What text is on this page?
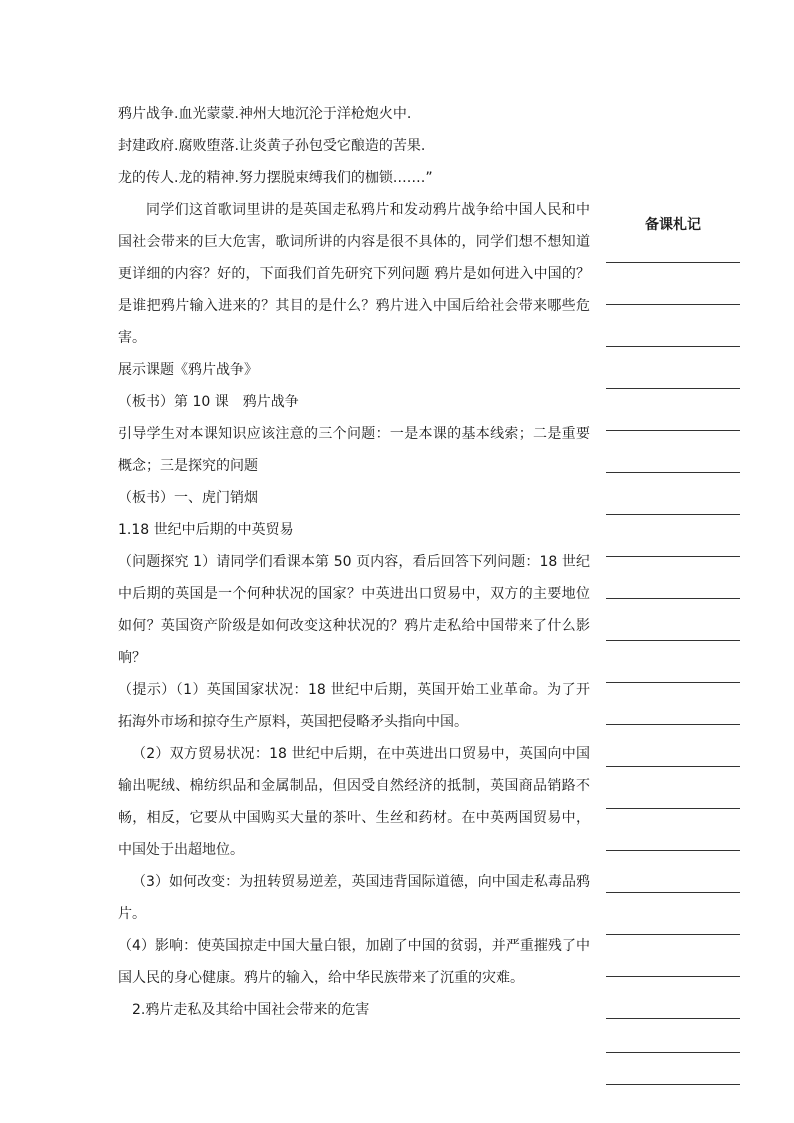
鸦片战争.血光蒙蒙.神州大地沉沦于洋枪炮火中.
封建政府.腐败堕落.让炎黄子孙包受它酿造的苦果.
龙的传人.龙的精神.努力摆脱束缚我们的枷锁.……”

同学们这首歌词里讲的是英国走私鸦片和发动鸦片战争给中国人民和中国社会带来的巨大危害，歌词所讲的内容是很不具体的，同学们想不想知道更详细的内容？好的，下面我们首先研究下列问题 鸦片是如何进入中国的？是谁把鸦片输入进来的？其目的是什么？鸦片进入中国后给社会带来哪些危害。

展示课题《鸦片战争》
（板书）第 10 课　鸦片战争

引导学生对本课知识应该注意的三个问题：一是本课的基本线索；二是重要概念；三是探究的问题

（板书）一、虎门销烟
1.18 世纪中后期的中英贸易

（问题探究 1）请同学们看课本第 50 页内容，看后回答下列问题：18 世纪中后期的英国是一个何种状况的国家？中英进出口贸易中，双方的主要地位如何？英国资产阶级是如何改变这种状况的？鸦片走私给中国带来了什么影响？

（提示）（1）英国国家状况：18 世纪中后期，英国开始工业革命。为了开拓海外市场和掠夺生产原料，英国把侵略矛头指向中国。

（2）双方贸易状况：18 世纪中后期，在中英进出口贸易中，英国向中国输出呢绒、棉纺织品和金属制品，但因受自然经济的抵制，英国商品销路不畅，相反，它要从中国购买大量的茶叶、生丝和药材。在中英两国贸易中，中国处于出超地位。

（3）如何改变：为扭转贸易逆差，英国违背国际道德，向中国走私毒品鸦片。

（4）影响：使英国掠走中国大量白银，加剧了中国的贫弱，并严重摧残了中国人民的身心健康。鸦片的输入，给中华民族带来了沉重的灾难。

2.鸦片走私及其给中国社会带来的危害

备课札记
